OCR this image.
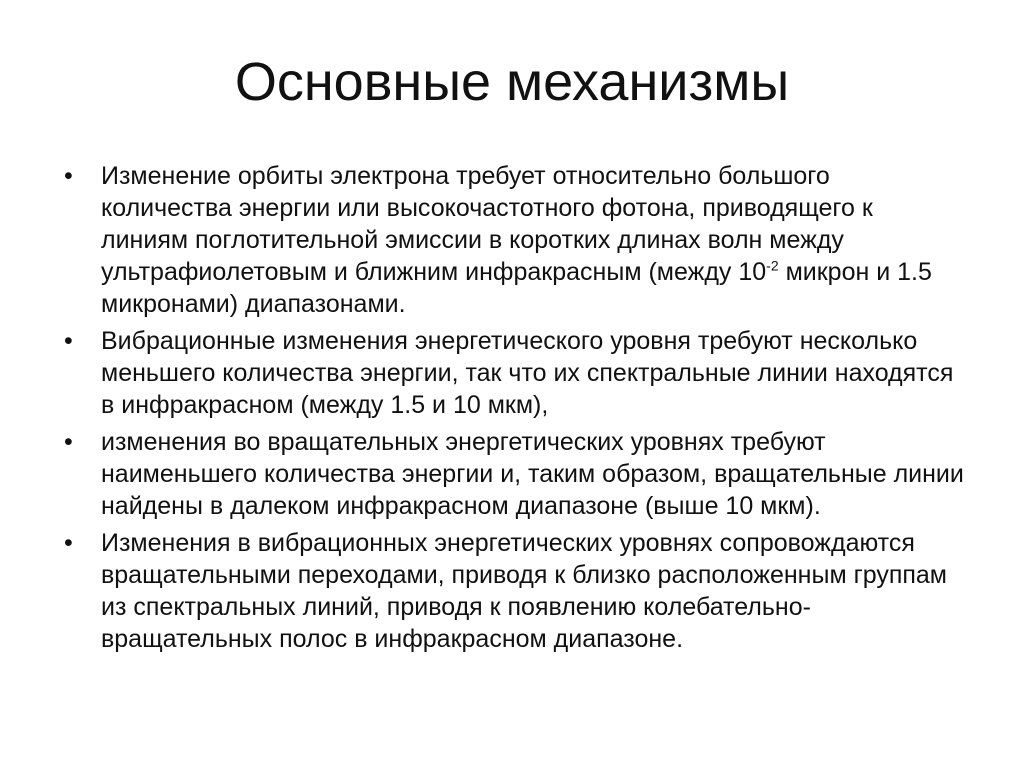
Основные механизмы
•	Изменение орбиты электрона требует относительно большого количества энергии или высокочастотного фотона, приводящего к линиям поглотительной эмиссии в коротких длинах волн между ультрафиолетовым и ближним инфракрасным (между $10^{-2}$ микрон и 1.5 микронами) диапазонами.
•	Вибрационные изменения энергетического уровня требуют несколько меньшего количества энергии, так что их спектральные линии находятся в инфракрасном (между 1.5 и 10 мкм),
•	изменения во вращательных энергетических уровнях требуют наименьшего количества энергии и, таким образом, вращательные линии найдены в далеком инфракрасном диапазоне (выше 10 мкм).
•	Изменения в вибрационных энергетических уровнях сопровождаются вращательными переходами, приводя к близко расположенным группам из спектральных линий, приводя к появлению колебательно-вращательных полос в инфракрасном диапазоне.
